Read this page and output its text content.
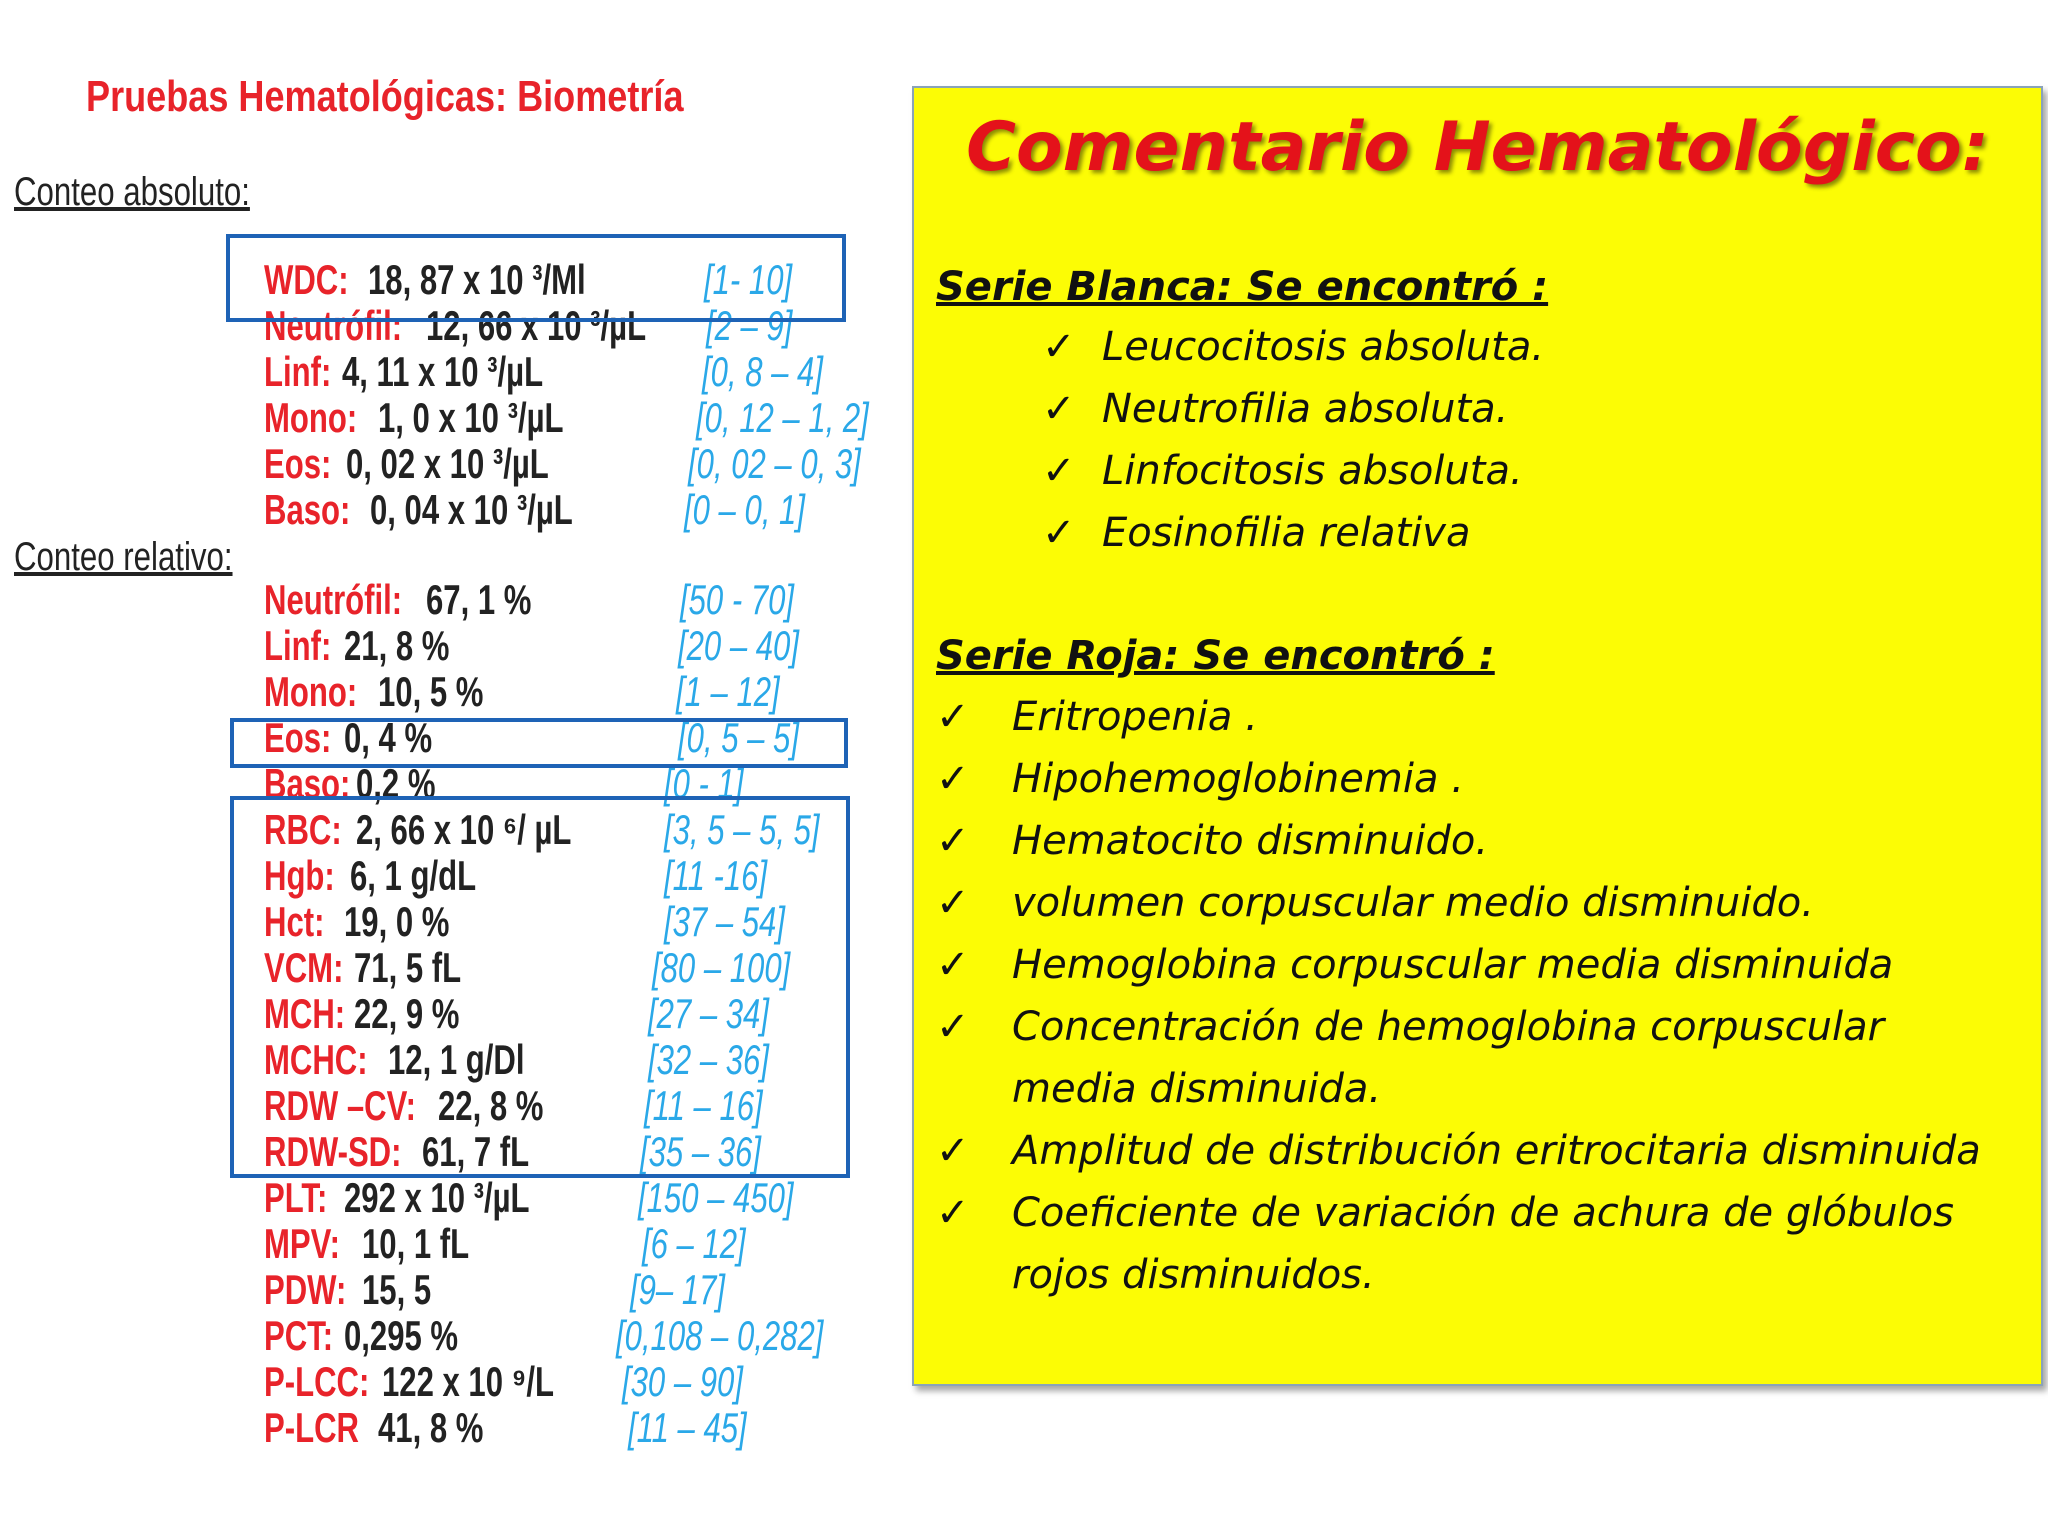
Pruebas Hematológicas: Biometría
Conteo absoluto:
Conteo relativo:
WDC: 18, 87 x 10 ³/Ml	[1- 10]
Neutrófil: 12, 66 x 10 ³/µL [2 – 9]
Linf: 4, 11 x 10 ³/µL	[0, 8 – 4]
Mono: 1, 0 x 10 ³/µL	[0, 12 – 1, 2]
Eos: 0, 02 x 10 ³/µL	[0, 02 – 0, 3]
Baso: 0, 04 x 10 ³/µL	[0 – 0, 1]
Neutrófil: 67, 1 %	[50 - 70]
Linf: 21, 8 %	[20 – 40]
Mono: 10, 5 %	[1 – 12]
Eos: 0, 4 %	[0, 5 – 5]
Baso: 0,2 %	[0 - 1]
RBC: 2, 66 x 10 ⁶/ µL [3, 5 – 5, 5]
Hgb: 6, 1 g/dL	[11 -16]
Hct: 19, 0 %	[37 – 54]
VCM: 71, 5 fL	[80 – 100]
MCH: 22, 9 %	[27 – 34]
MCHC: 12, 1 g/Dl	[32 – 36]
RDW –CV: 22, 8 % [11 – 16]
RDW-SD: 61, 7 fL	[35 – 36]
PLT: 292 x 10 ³/µL	[150 – 450]
MPV: 10, 1 fL	[6 – 12]
PDW: 15, 5	[9– 17]
PCT: 0,295 %	[0,108 – 0,282]
P-LCC: 122 x 10 ⁹/L [30 – 90]
P-LCR 41, 8 %	[11 – 45]
Comentario Hematológico:
Serie Blanca: Se encontró :
✓ Leucocitosis absoluta.
✓ Neutrofilia absoluta.
✓ Linfocitosis absoluta.
✓ Eosinofilia relativa
Serie Roja: Se encontró :
✓ Eritropenia .
✓ Hipohemoglobinemia .
✓ Hematocito disminuido.
✓ volumen corpuscular medio disminuido.
✓ Hemoglobina corpuscular media disminuida
✓ Concentración de hemoglobina corpuscular
media disminuida.
✓ Amplitud de distribución eritrocitaria disminuida
✓ Coeficiente de variación de achura de glóbulos
rojos disminuidos.
